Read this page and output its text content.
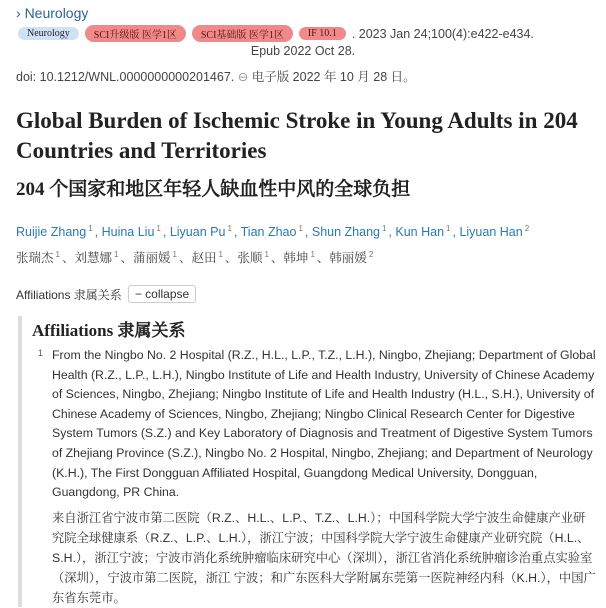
› Neurology
Neurology	SCI升级版 医学1区	SCI基础版 医学1区	IF 10.1	. 2023 Jan 24;100(4):e422-e434.
Epub 2022 Oct 28.
doi: 10.1212/WNL.0000000000201467. ⊖ 电子版 2022 年 10 月 28 日。
Global Burden of Ischemic Stroke in Young Adults in 204 Countries and Territories
204 个国家和地区年轻人缺血性中风的全球负担
Ruijie Zhang $^1$ , Huina Liu $^1$ , Liyuan Pu $^1$ , Tian Zhao $^1$ , Shun Zhang $^1$ , Kun Han $^1$ , Liyuan Han $^2$
张瑞杰 $^1$ 、刘慧娜 $^1$ 、蒲丽媛 $^1$ 、赵田 $^1$ 、张顺 $^1$ 、韩坤 $^1$ 、韩丽媛 $^2$
Affiliations 隶属关系	− collapse
Affiliations 隶属关系
1 From the Ningbo No. 2 Hospital (R.Z., H.L., L.P., T.Z., L.H.), Ningbo, Zhejiang; Department of Global Health (R.Z., L.P., L.H.), Ningbo Institute of Life and Health Industry, University of Chinese Academy of Sciences, Ningbo, Zhejiang; Ningbo Institute of Life and Health Industry (H.L., S.H.), University of Chinese Academy of Sciences, Ningbo, Zhejiang; Ningbo Clinical Research Center for Digestive System Tumors (S.Z.) and Key Laboratory of Diagnosis and Treatment of Digestive System Tumors of Zhejiang Province (S.Z.), Ningbo No. 2 Hospital, Ningbo, Zhejiang; and Department of Neurology (K.H.), The First Dongguan Affiliated Hospital, Guangdong Medical University, Dongguan, Guangdong, PR China.
来自浙江省宁波市第二医院（R.Z.、H.L.、L.P.、T.Z.、L.H.）；中国科学院大学宁波生命健康产业研究院全球健康系（R.Z.、L.P.、L.H.），浙江宁波；中国科学院大学宁波生命健康产业研究院（H.L.、S.H.），浙江宁波；宁波市消化系统肿瘤临床研究中心（深圳），浙江省消化系统肿瘤诊治重点实验室（深圳），宁波市第二医院，浙江 宁波；和广东医科大学附属东莞第一医院神经内科（K.H.），中国广东省东莞市。
